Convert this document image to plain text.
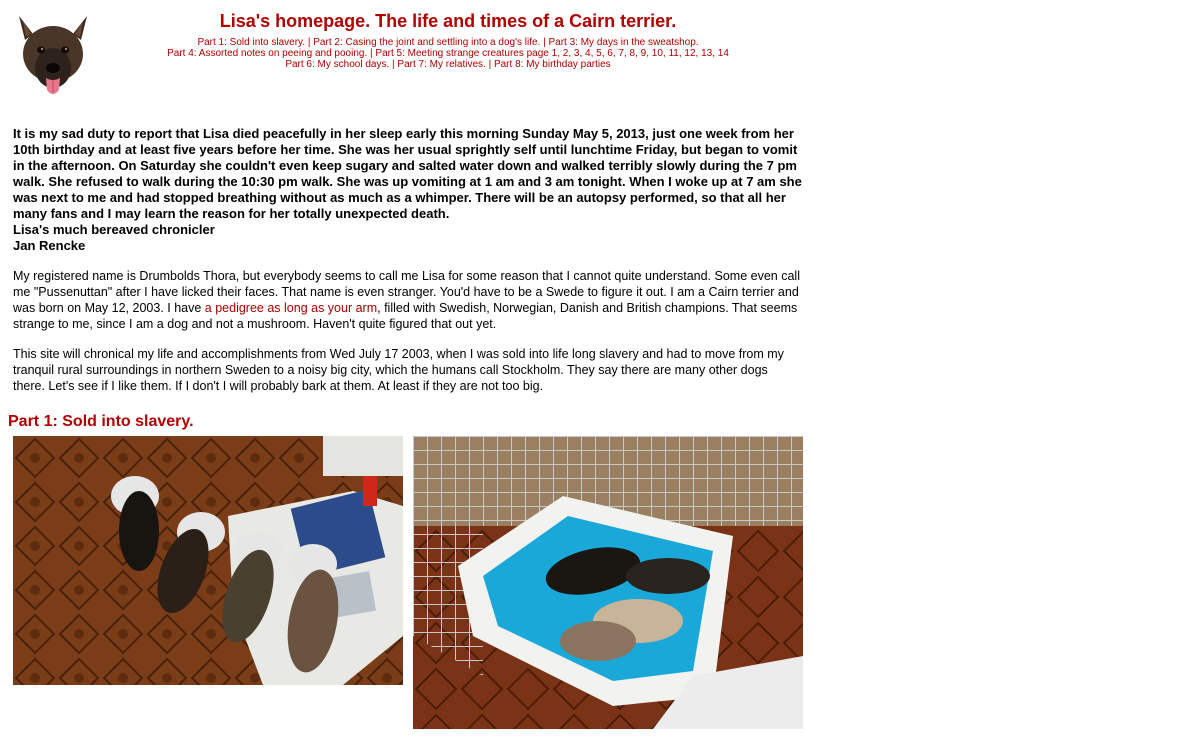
Lisa's homepage. The life and times of a Cairn terrier.
Part 1: Sold into slavery. | Part 2: Casing the joint and settling into a dog's life. | Part 3: My days in the sweatshop.
Part 4: Assorted notes on peeing and pooing. | Part 5: Meeting strange creatures page 1, 2, 3, 4, 5, 6, 7, 8, 9, 10, 11, 12, 13, 14
Part 6: My school days. | Part 7: My relatives. | Part 8: My birthday parties
It is my sad duty to report that Lisa died peacefully in her sleep early this morning Sunday May 5, 2013, just one week from her 10th birthday and at least five years before her time. She was her usual sprightly self until lunchtime Friday, but began to vomit in the afternoon. On Saturday she couldn't even keep sugary and salted water down and walked terribly slowly during the 7 pm walk. She refused to walk during the 10:30 pm walk. She was up vomiting at 1 am and 3 am tonight. When I woke up at 7 am she was next to me and had stopped breathing without as much as a whimper. There will be an autopsy performed, so that all her many fans and I may learn the reason for her totally unexpected death.
Lisa's much bereaved chronicler
Jan Rencke

My registered name is Drumbolds Thora, but everybody seems to call me Lisa for some reason that I cannot quite understand. Some even call me "Pussenuttan" after I have licked their faces. That name is even stranger. You'd have to be a Swede to figure it out. I am a Cairn terrier and was born on May 12, 2003. I have a pedigree as long as your arm, filled with Swedish, Norwegian, Danish and British champions. That seems strange to me, since I am a dog and not a mushroom. Haven't quite figured that out yet.

This site will chronical my life and accomplishments from Wed July 17 2003, when I was sold into life long slavery and had to move from my tranquil rural surroundings in northern Sweden to a noisy big city, which the humans call Stockholm. They say there are many other dogs there. Let's see if I like them. If I don't I will probably bark at them. At least if they are not too big.

Part 1: Sold into slavery.
